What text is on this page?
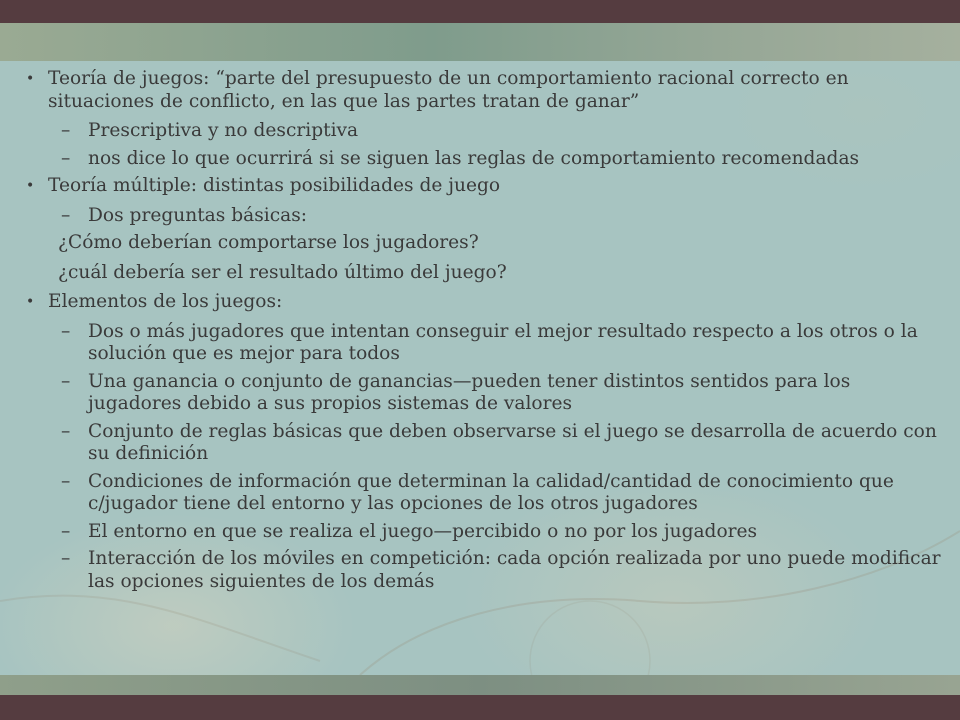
• Teoría de juegos: “parte del presupuesto de un comportamiento racional correcto en situaciones de conflicto, en las que las partes tratan de ganar”
– Prescriptiva y no descriptiva
– nos dice lo que ocurrirá si se siguen las reglas de comportamiento recomendadas
• Teoría múltiple: distintas posibilidades de juego
– Dos preguntas básicas:
¿Cómo deberían comportarse los jugadores?
¿cuál debería ser el resultado último del juego?
• Elementos de los juegos:
– Dos o más jugadores que intentan conseguir el mejor resultado respecto a los otros o la solución que es mejor para todos
– Una ganancia o conjunto de ganancias—pueden tener distintos sentidos para los jugadores debido a sus propios sistemas de valores
– Conjunto de reglas básicas que deben observarse si el juego se desarrolla de acuerdo con su definición
– Condiciones de información que determinan la calidad/cantidad de conocimiento que c/jugador tiene del entorno y las opciones de los otros jugadores
– El entorno en que se realiza el juego—percibido o no por los jugadores
– Interacción de los móviles en competición: cada opción realizada por uno puede modificar las opciones siguientes de los demás
